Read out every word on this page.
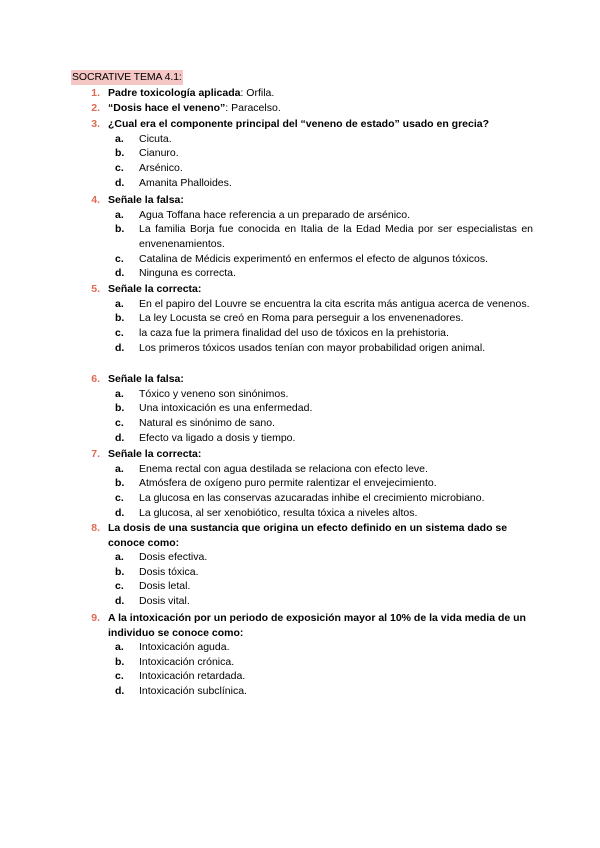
SOCRATIVE TEMA 4.1:
1. Padre toxicología aplicada: Orfila.
2. “Dosis hace el veneno”: Paracelso.
3. ¿Cual era el componente principal del “veneno de estado” usado en grecia?
a. Cicuta.
b. Cianuro.
c. Arsénico.
d. Amanita Phalloides.
4. Señale la falsa:
a. Agua Toffana hace referencia a un preparado de arsénico.
b. La familia Borja fue conocida en Italia de la Edad Media por ser especialistas en envenenamientos.
c. Catalina de Médicis experimentó en enfermos el efecto de algunos tóxicos.
d. Ninguna es correcta.
5. Señale la correcta:
a. En el papiro del Louvre se encuentra la cita escrita más antigua acerca de venenos.
b. La ley Locusta se creó en Roma para perseguir a los envenenadores.
c. la caza fue la primera finalidad del uso de tóxicos en la prehistoria.
d. Los primeros tóxicos usados tenían con mayor probabilidad origen animal.
6. Señale la falsa:
a. Tóxico y veneno son sinónimos.
b. Una intoxicación es una enfermedad.
c. Natural es sinónimo de sano.
d. Efecto va ligado a dosis y tiempo.
7. Señale la correcta:
a. Enema rectal con agua destilada se relaciona con efecto leve.
b. Atmósfera de oxígeno puro permite ralentizar el envejecimiento.
c. La glucosa en las conservas azucaradas inhibe el crecimiento microbiano.
d. La glucosa, al ser xenobiótico, resulta tóxica a niveles altos.
8. La dosis de una sustancia que origina un efecto definido en un sistema dado se conoce como:
a. Dosis efectiva.
b. Dosis tóxica.
c. Dosis letal.
d. Dosis vital.
9. A la intoxicación por un periodo de exposición mayor al 10% de la vida media de un individuo se conoce como:
a. Intoxicación aguda.
b. Intoxicación crónica.
c. Intoxicación retardada.
d. Intoxicación subclínica.
